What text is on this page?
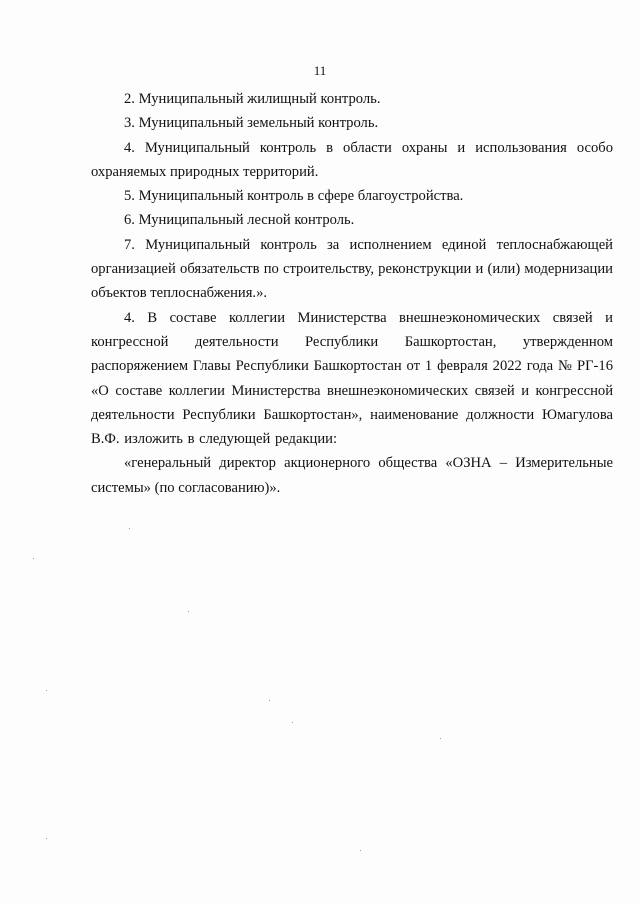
11

2. Муниципальный жилищный контроль.

3. Муниципальный земельный контроль.

4. Муниципальный контроль в области охраны и использования особо охраняемых природных территорий.

5. Муниципальный контроль в сфере благоустройства.

6. Муниципальный лесной контроль.

7. Муниципальный контроль за исполнением единой теплоснабжающей организацией обязательств по строительству, реконструкции и (или) модернизации объектов теплоснабжения.».

4. В составе коллегии Министерства внешнеэкономических связей и конгрессной деятельности Республики Башкортостан, утвержденном распоряжением Главы Республики Башкортостан от 1 февраля 2022 года № РГ-16 «О составе коллегии Министерства внешнеэкономических связей и конгрессной деятельности Республики Башкортостан», наименование должности Юмагулова В.Ф. изложить в следующей редакции:

«генеральный директор акционерного общества «ОЗНА – Измерительные системы» (по согласованию)».
